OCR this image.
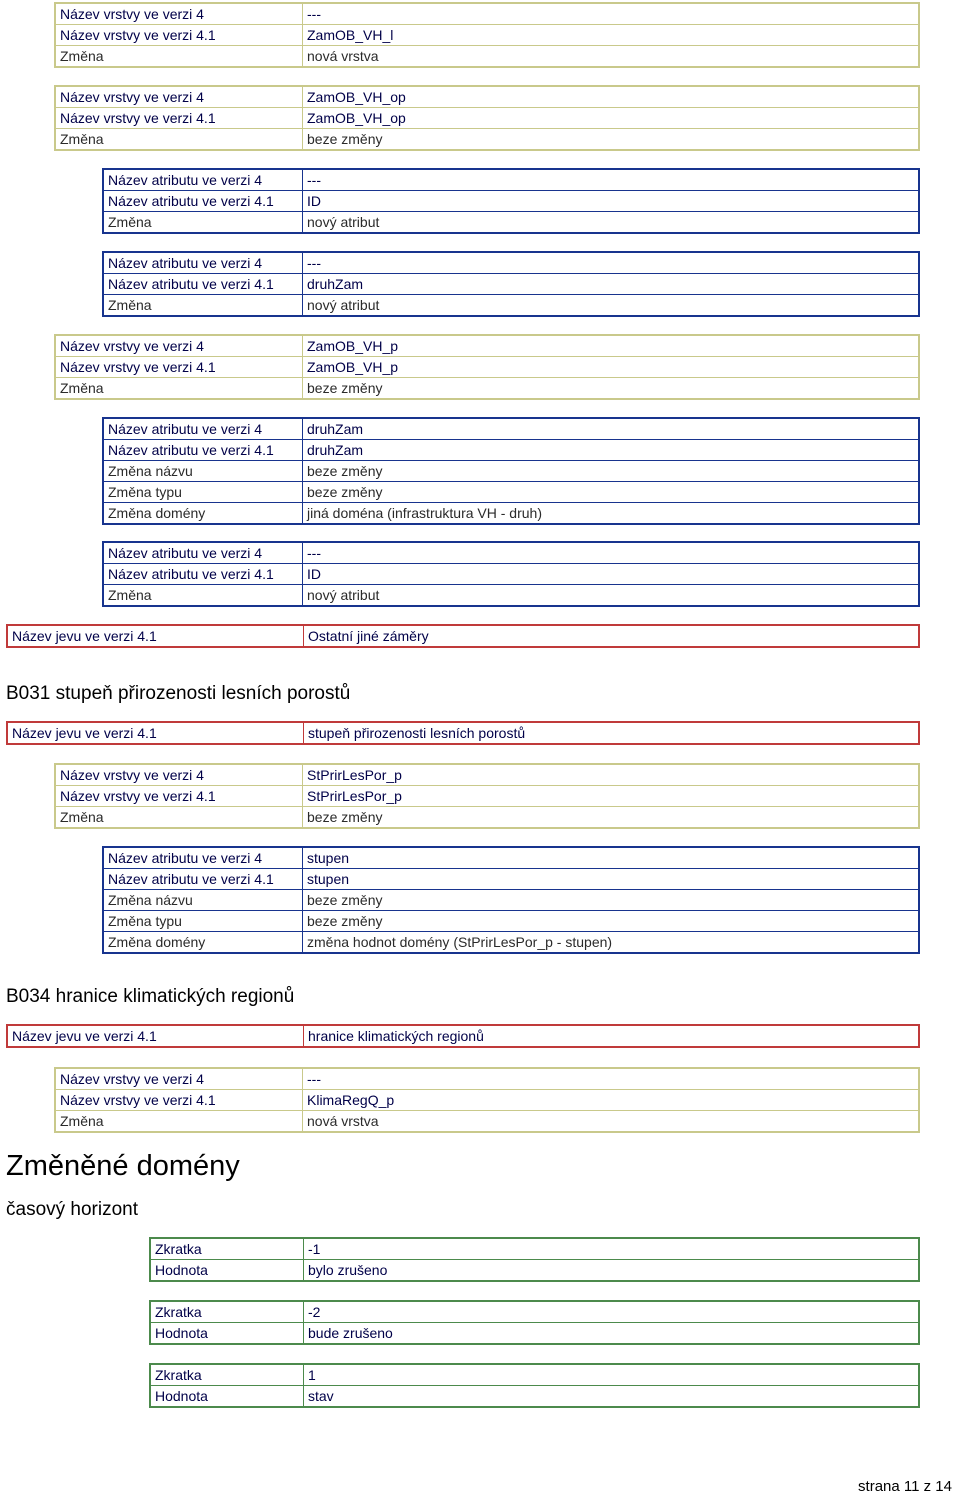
Název vrstvy ve verzi 4	---
Název vrstvy ve verzi 4.1	ZamOB_VH_l
Změna	nová vrstva
Název vrstvy ve verzi 4	ZamOB_VH_op
Název vrstvy ve verzi 4.1	ZamOB_VH_op
Změna	beze změny
Název atributu ve verzi 4	---
Název atributu ve verzi 4.1	ID
Změna	nový atribut
Název atributu ve verzi 4	---
Název atributu ve verzi 4.1	druhZam
Změna	nový atribut
Název vrstvy ve verzi 4	ZamOB_VH_p
Název vrstvy ve verzi 4.1	ZamOB_VH_p
Změna	beze změny
Název atributu ve verzi 4	druhZam
Název atributu ve verzi 4.1	druhZam
Změna názvu	beze změny
Změna typu	beze změny
Změna domény	jiná doména (infrastruktura VH - druh)
Název atributu ve verzi 4	---
Název atributu ve verzi 4.1	ID
Změna	nový atribut
Název jevu ve verzi 4.1	Ostatní jiné záměry
B031 stupeň přirozenosti lesních porostů
Název jevu ve verzi 4.1	stupeň přirozenosti lesních porostů
Název vrstvy ve verzi 4	StPrirLesPor_p
Název vrstvy ve verzi 4.1	StPrirLesPor_p
Změna	beze změny
Název atributu ve verzi 4	stupen
Název atributu ve verzi 4.1	stupen
Změna názvu	beze změny
Změna typu	beze změny
Změna domény	změna hodnot domény (StPrirLesPor_p - stupen)
B034 hranice klimatických regionů
Název jevu ve verzi 4.1	hranice klimatických regionů
Název vrstvy ve verzi 4	---
Název vrstvy ve verzi 4.1	KlimaRegQ_p
Změna	nová vrstva
Změněné domény
časový horizont
Zkratka	-1
Hodnota	bylo zrušeno
Zkratka	-2
Hodnota	bude zrušeno
Zkratka	1
Hodnota	stav
strana 11 z 14
